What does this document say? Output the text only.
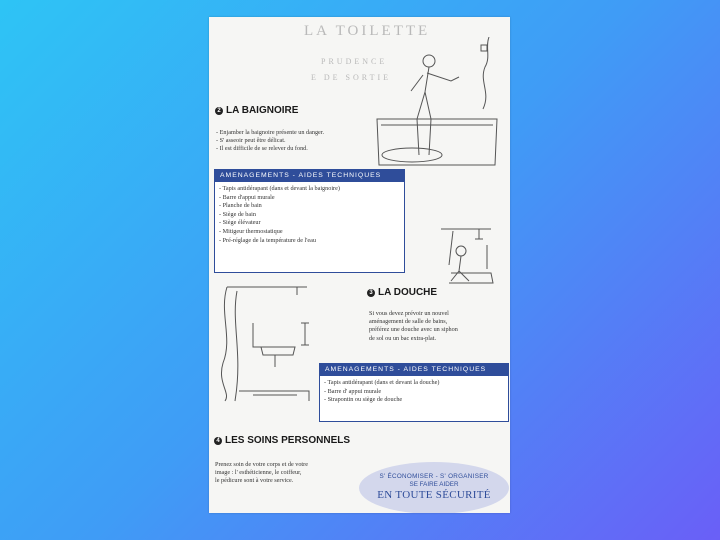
LA TOILETTE
PRUDENCE
E DE SORTIE
2 LA BAIGNOIRE
- Enjamber la baignoire présente un danger.
- S' asseoir peut être délicat.
- Il est difficile de se relever du fond.
AMENAGEMENTS - AIDES TECHNIQUES
- Tapis antidérapant (dans et devant la baignoire)
- Barre d'appui murale
- Planche de bain
- Siège de bain
- Siège élévateur
- Mitigeur thermostatique
- Pré-réglage de la température de l'eau
3 LA DOUCHE
Si vous devez prévoir un nouvel
aménagement de salle de bains,
préférez une douche avec un siphon
de sol ou un bac extra-plat.
AMENAGEMENTS - AIDES TECHNIQUES
- Tapis antidérapant (dans et devant la douche)
- Barre d' appui murale
- Strapontin ou siège de douche
4 LES SOINS PERSONNELS
Prenez soin de votre corps et de votre
image : l' esthéticienne, le coiffeur,
le pédicure sont à votre service.
S' ÉCONOMISER - S' ORGANISER
SE FAIRE AIDER
EN TOUTE SÉCURITÉ
